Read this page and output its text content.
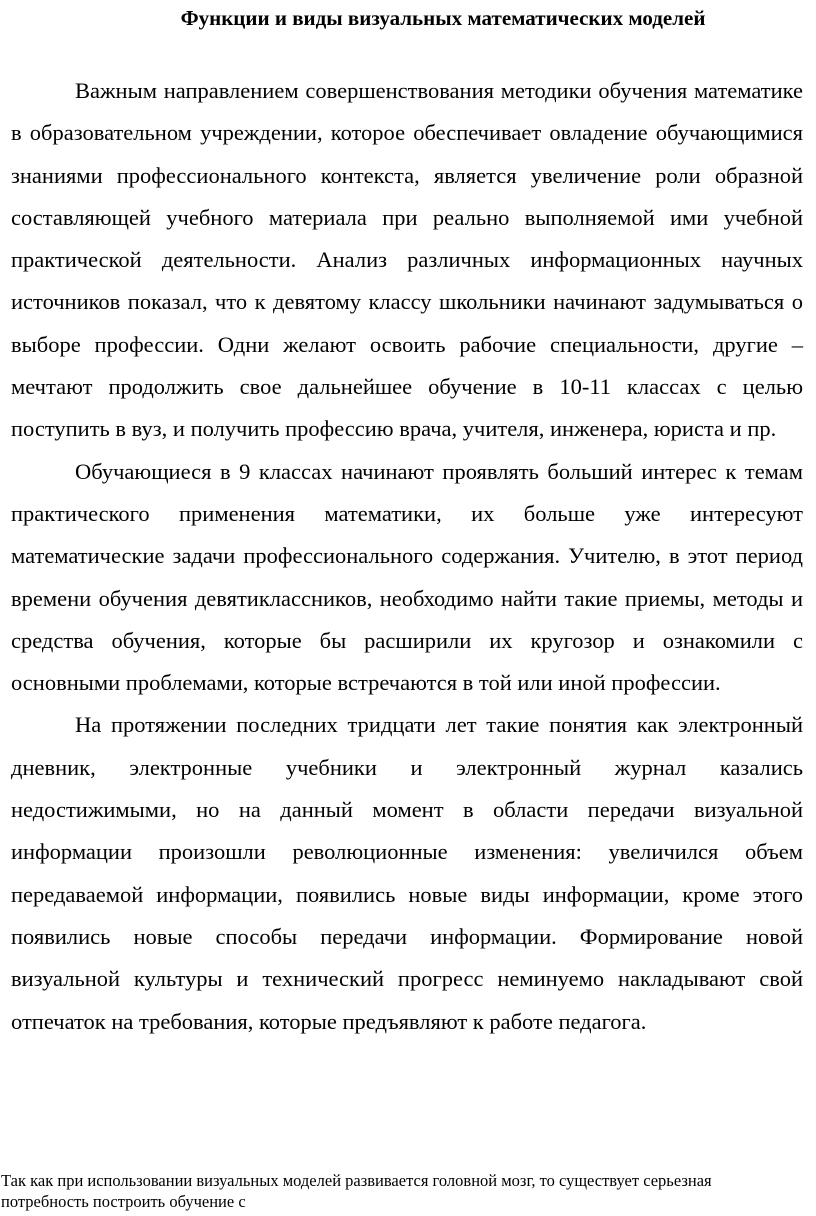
Функции и виды визуальных математических моделей

Важным направлением совершенствования методики обучения математике в образовательном учреждении, которое обеспечивает овладение обучающимися знаниями профессионального контекста, является увеличение роли образной составляющей учебного материала при реально выполняемой ими учебной практической деятельности. Анализ различных информационных научных источников показал, что к девятому классу школьники начинают задумываться о выборе профессии. Одни желают освоить рабочие специальности, другие – мечтают продолжить свое дальнейшее обучение в 10-11 классах с целью поступить в вуз, и получить профессию врача, учителя, инженера, юриста и пр.

Обучающиеся в 9 классах начинают проявлять больший интерес к темам практического применения математики, их больше уже интересуют математические задачи профессионального содержания. Учителю, в этот период времени обучения девятиклассников, необходимо найти такие приемы, методы и средства обучения, которые бы расширили их кругозор и ознакомили с основными проблемами, которые встречаются в той или иной профессии.

На протяжении последних тридцати лет такие понятия как электронный дневник, электронные учебники и электронный журнал казались недостижимыми, но на данный момент в области передачи визуальной информации произошли революционные изменения: увеличился объем передаваемой информации, появились новые виды информации, кроме этого появились новые способы передачи информации. Формирование новой визуальной культуры и технический прогресс неминуемо накладывают свой отпечаток на требования, которые предъявляют к работе педагога.

Так как при использовании визуальных моделей развивается головной мозг, то существует серьезная потребность построить обучение с
